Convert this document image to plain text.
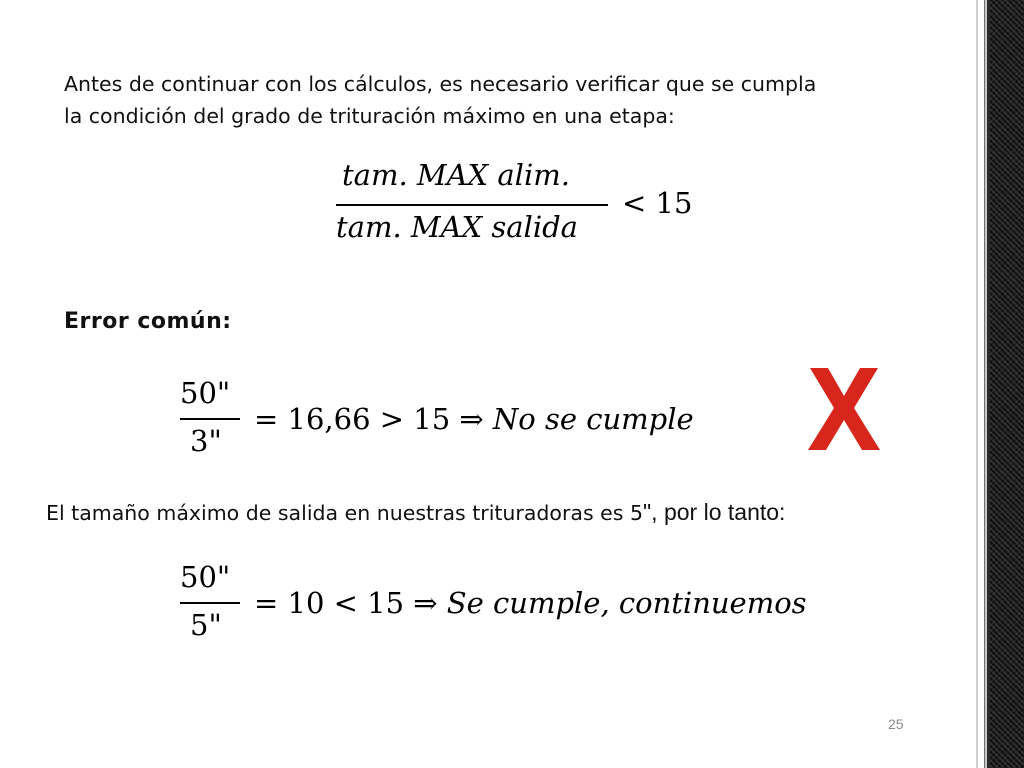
Antes de continuar con los cálculos, es necesario verificar que se cumpla
la condición del grado de trituración máximo en una etapa:
tam. MAX alim.
tam. MAX salida
< 15
Error común:
50"
3"
= 16,66 > 15 ⇒ No se cumple
El tamaño máximo de salida en nuestras trituradoras es 5", por lo tanto:
50"
5"
= 10 < 15 ⇒ Se cumple, continuemos
25
